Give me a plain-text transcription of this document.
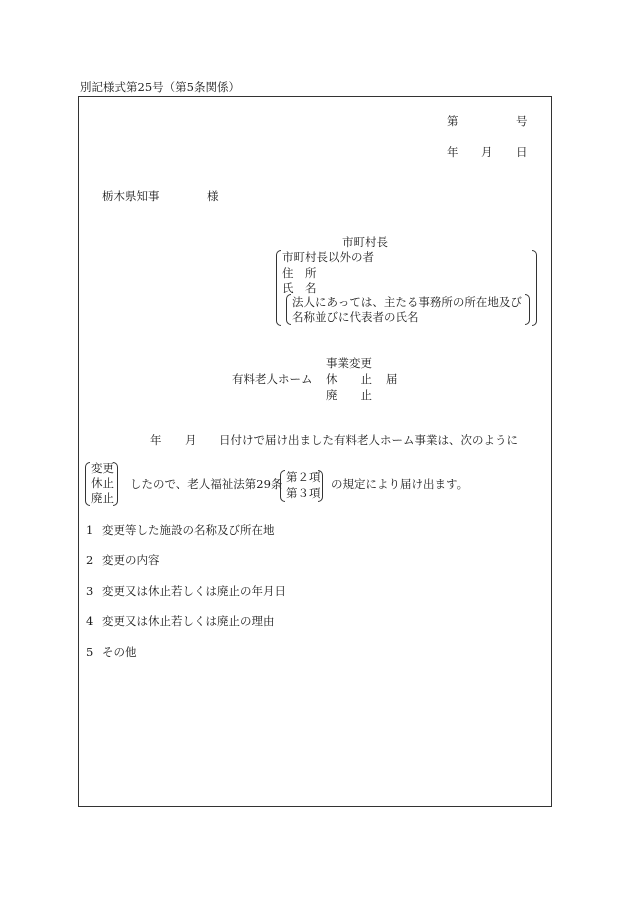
別記様式第25号（第5条関係）
第	号
年 月 日
栃木県知事	様
市町村長
市町村長以外の者
住　所
氏　名
法人にあっては、主たる事務所の所在地及び
名称並びに代表者の氏名
有料老人ホーム
事業変更
休　　止
廃　　止
届
年 月 日付けで届け出ました有料老人ホーム事業は、次のように
変更
休止
廃止
したので、老人福祉法第29条 第２項
第３項
の規定により届け出ます。
1 変更等した施設の名称及び所在地
2 変更の内容
3 変更又は休止若しくは廃止の年月日
4 変更又は休止若しくは廃止の理由
5 その他
